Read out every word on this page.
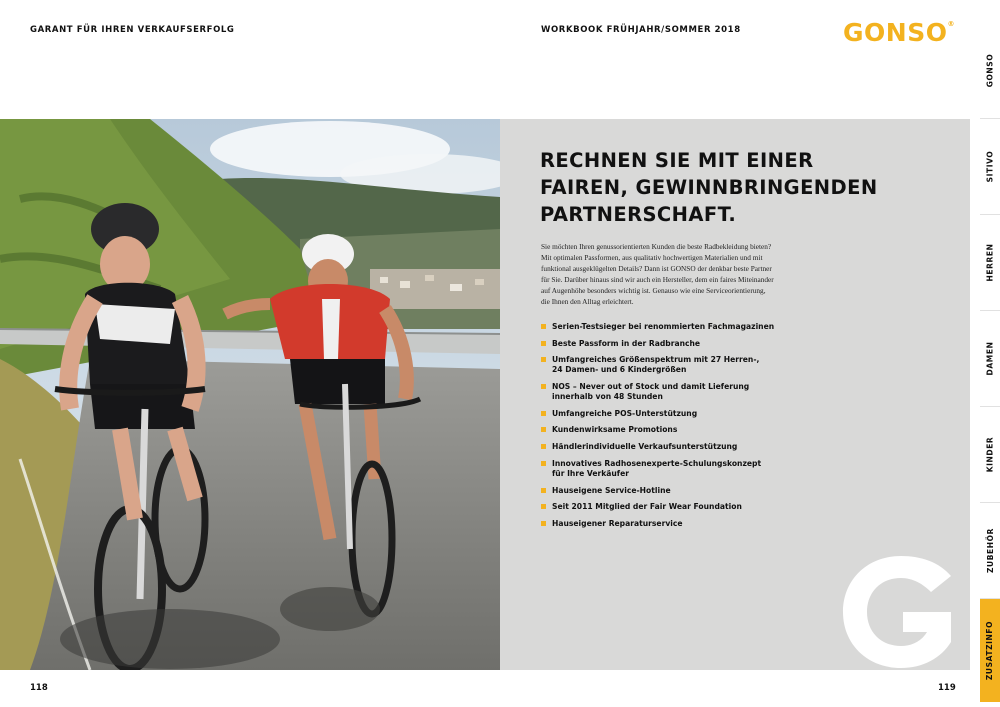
GARANT FÜR IHREN VERKAUFSERFOLG	WORKBOOK FRÜHJAHR/SOMMER 2018	GONSO®
RECHNEN SIE MIT EINER
FAIREN, GEWINNBRINGENDEN
PARTNERSCHAFT.
Sie möchten Ihren genussorientierten Kunden die beste Radbekleidung bieten?
Mit optimalen Passformen, aus qualitativ hochwertigen Materialien und mit
funktional ausgeklügelten Details? Dann ist GONSO der denkbar beste Partner
für Sie. Darüber hinaus sind wir auch ein Hersteller, dem ein faires Miteinander
auf Augenhöhe besonders wichtig ist. Genauso wie eine Serviceorientierung,
die Ihnen den Alltag erleichtert.
Serien-Testsieger bei renommierten Fachmagazinen
Beste Passform in der Radbranche
Umfangreiches Größenspektrum mit 27 Herren-,
24 Damen- und 6 Kindergrößen
NOS – Never out of Stock und damit Lieferung
innerhalb von 48 Stunden
Umfangreiche POS-Unterstützung
Kundenwirksame Promotions
Händlerindividuelle Verkaufsunterstützung
Innovatives Radhosenexperte-Schulungskonzept
für Ihre Verkäufer
Hauseigene Service-Hotline
Seit 2011 Mitglied der Fair Wear Foundation
Hauseigener Reparaturservice
118	119
GONSO
SITIVO
HERREN
DAMEN
KINDER
ZUBEHÖR
ZUSATZINFO
